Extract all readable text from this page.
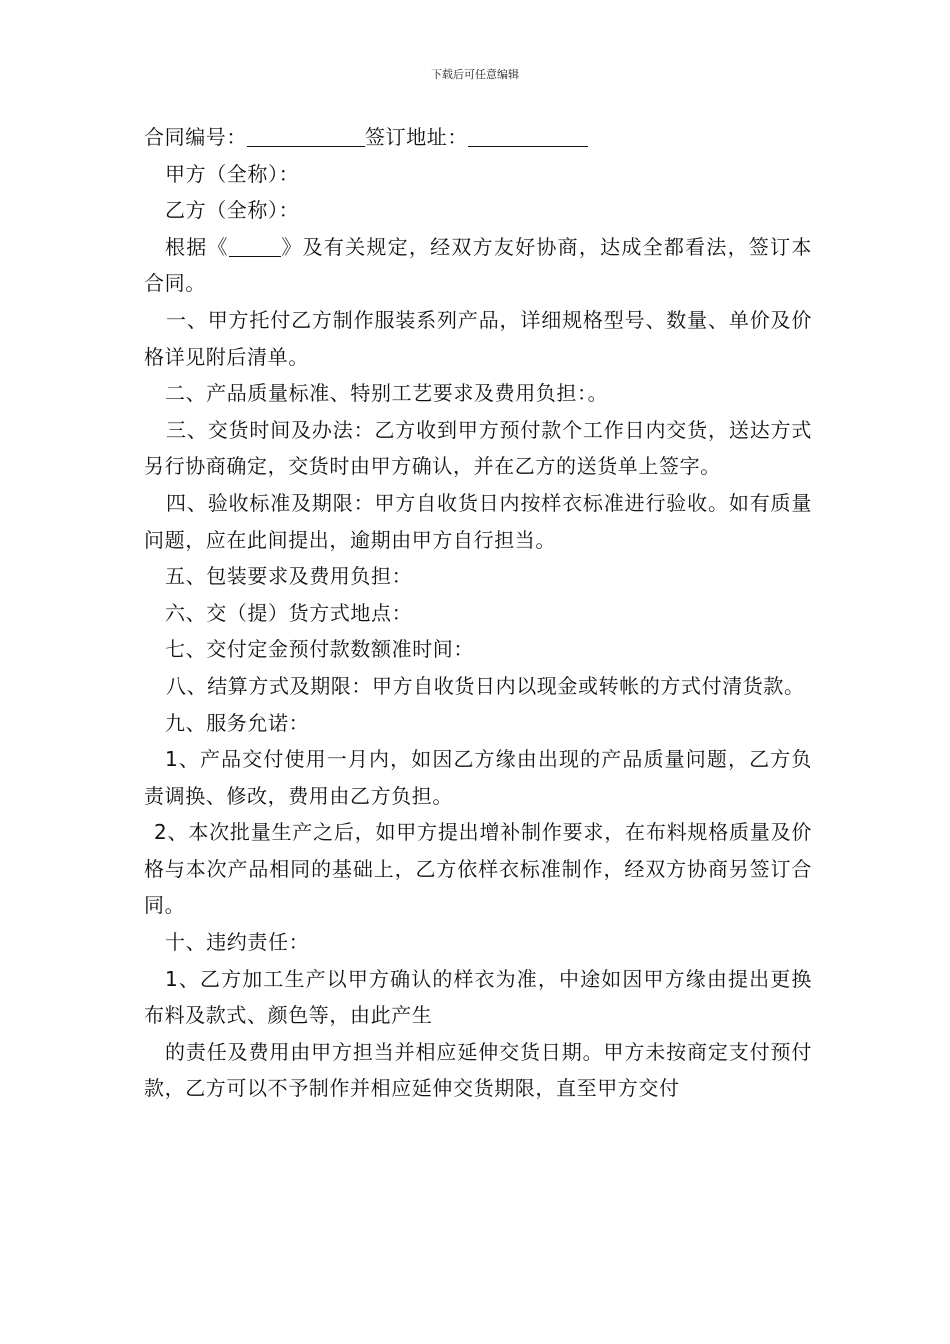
下载后可任意编辑

合同编号：	签订地址：

甲方（全称）：

乙方（全称）：

根据《	》及有关规定，经双方友好协商，达成全都看法，签订本合同。

一、甲方托付乙方制作服装系列产品，详细规格型号、数量、单价及价格详见附后清单。

二、产品质量标准、特别工艺要求及费用负担：。

三、交货时间及办法：乙方收到甲方预付款个工作日内交货，送达方式另行协商确定，交货时由甲方确认，并在乙方的送货单上签字。

四、验收标准及期限：甲方自收货日内按样衣标准进行验收。如有质量问题，应在此间提出，逾期由甲方自行担当。

五、包装要求及费用负担：

六、交（提）货方式地点：

七、交付定金预付款数额准时间：

八、结算方式及期限：甲方自收货日内以现金或转帐的方式付清货款。

九、服务允诺：

1、产品交付使用一月内，如因乙方缘由出现的产品质量问题，乙方负责调换、修改，费用由乙方负担。

2、本次批量生产之后，如甲方提出增补制作要求，在布料规格质量及价格与本次产品相同的基础上，乙方依样衣标准制作，经双方协商另签订合同。

十、违约责任：

1、乙方加工生产以甲方确认的样衣为准，中途如因甲方缘由提出更换布料及款式、颜色等，由此产生

的责任及费用由甲方担当并相应延伸交货日期。甲方未按商定支付预付款，乙方可以不予制作并相应延伸交货期限，直至甲方交付
